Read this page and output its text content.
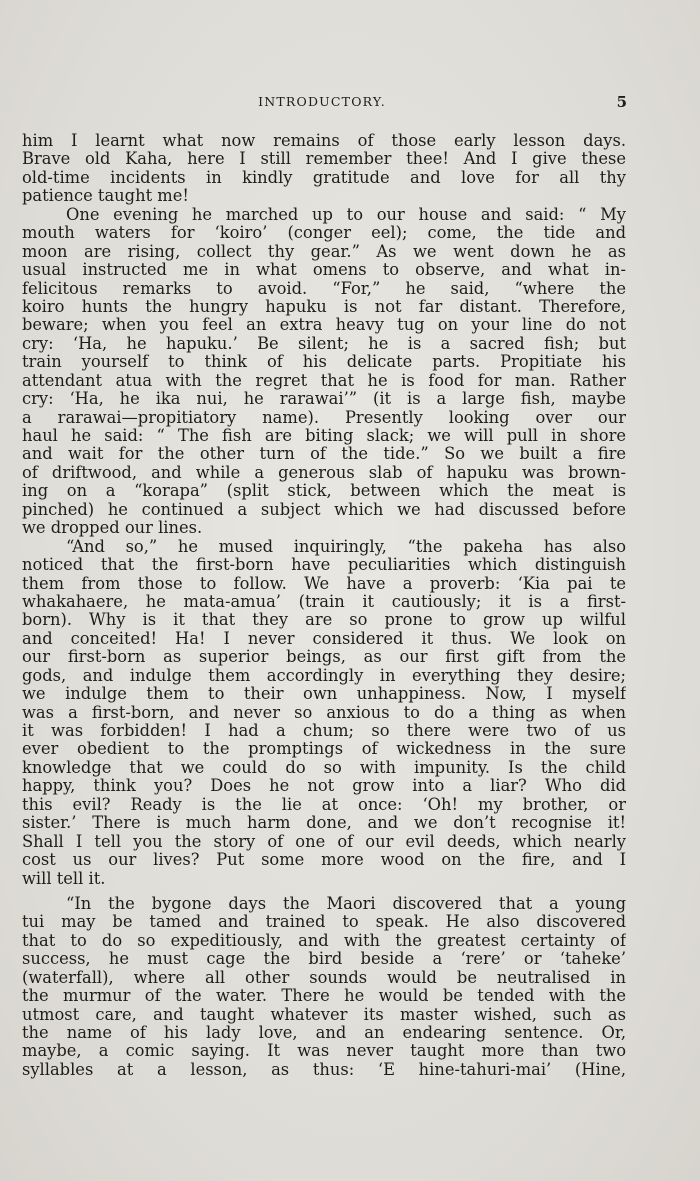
INTRODUCTORY.	5
him I learnt what now remains of those early lesson days.
Brave old Kaha, here I still remember thee! And I give these
old-time incidents in kindly gratitude and love for all thy
patience taught me!
One evening he marched up to our house and said: “ My
mouth waters for ‘koiro’ (conger eel); come, the tide and
moon are rising, collect thy gear.” As we went down he as
usual instructed me in what omens to observe, and what in-
felicitous remarks to avoid. “For,” he said, “where the
koiro hunts the hungry hapuku is not far distant. Therefore,
beware; when you feel an extra heavy tug on your line do not
cry: ‘Ha, he hapuku.’ Be silent; he is a sacred fish; but
train yourself to think of his delicate parts. Propitiate his
attendant atua with the regret that he is food for man. Rather
cry: ‘Ha, he ika nui, he rarawai’” (it is a large fish, maybe
a rarawai—propitiatory name). Presently looking over our
haul he said: “ The fish are biting slack; we will pull in shore
and wait for the other turn of the tide.” So we built a fire
of driftwood, and while a generous slab of hapuku was brown-
ing on a “korapa” (split stick, between which the meat is
pinched) he continued a subject which we had discussed before
we dropped our lines.
“And so,” he mused inquiringly, “the pakeha has also
noticed that the first-born have peculiarities which distinguish
them from those to follow. We have a proverb: ‘Kia pai te
whakahaere, he mata-amua’ (train it cautiously; it is a first-
born). Why is it that they are so prone to grow up wilful
and conceited! Ha! I never considered it thus. We look on
our first-born as superior beings, as our first gift from the
gods, and indulge them accordingly in everything they desire;
we indulge them to their own unhappiness. Now, I myself
was a first-born, and never so anxious to do a thing as when
it was forbidden! I had a chum; so there were two of us
ever obedient to the promptings of wickedness in the sure
knowledge that we could do so with impunity. Is the child
happy, think you? Does he not grow into a liar? Who did
this evil? Ready is the lie at once: ‘Oh! my brother, or
sister.’ There is much harm done, and we don’t recognise it!
Shall I tell you the story of one of our evil deeds, which nearly
cost us our lives? Put some more wood on the fire, and I
will tell it.
“In the bygone days the Maori discovered that a young
tui may be tamed and trained to speak. He also discovered
that to do so expeditiously, and with the greatest certainty of
success, he must cage the bird beside a ‘rere’ or ‘taheke’
(waterfall), where all other sounds would be neutralised in
the murmur of the water. There he would be tended with the
utmost care, and taught whatever its master wished, such as
the name of his lady love, and an endearing sentence. Or,
maybe, a comic saying. It was never taught more than two
syllables at a lesson, as thus: ‘E hine-tahuri-mai’ (Hine,
